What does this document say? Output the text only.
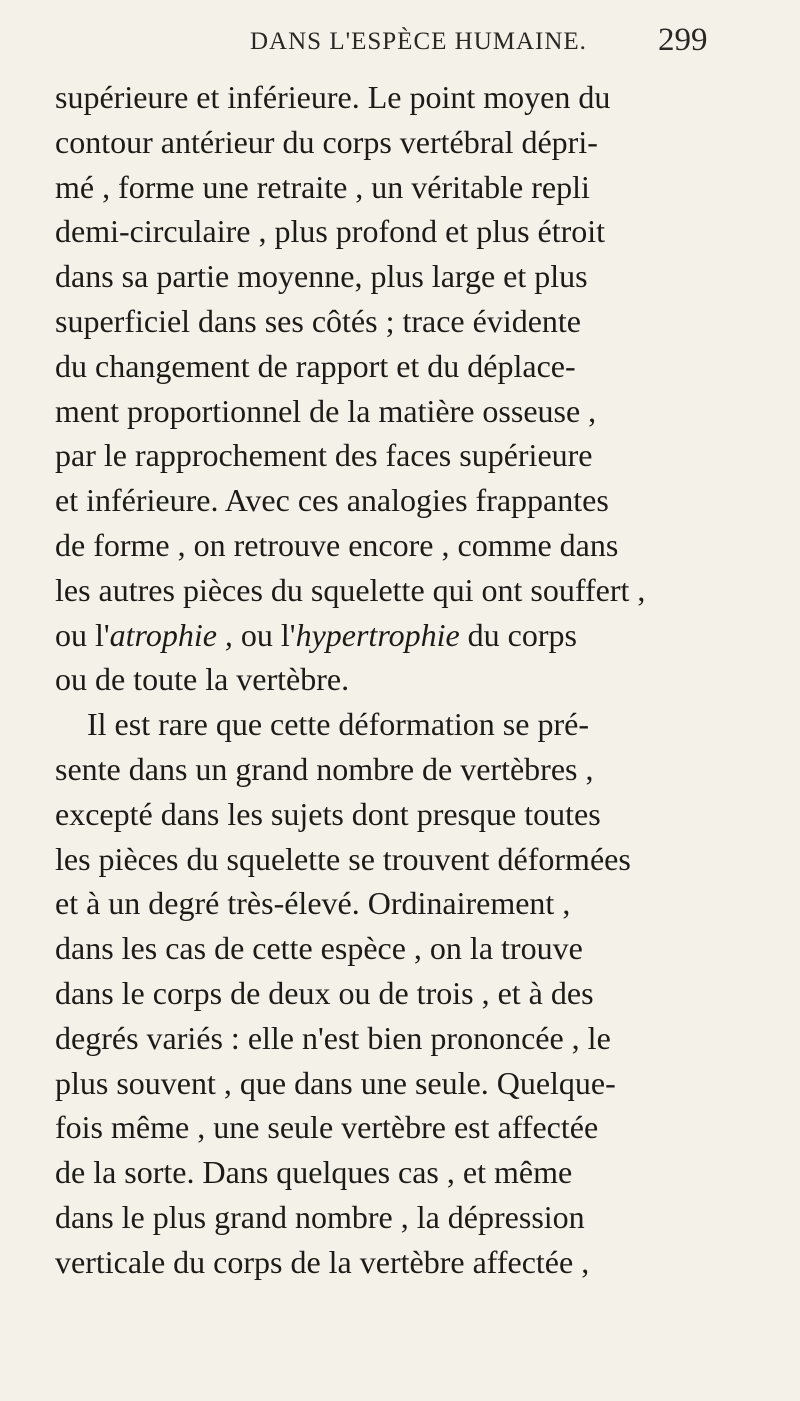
DANS L'ESPÈCE HUMAINE. 299
supérieure et inférieure. Le point moyen du
contour antérieur du corps vertébral dépri-
mé , forme une retraite , un véritable repli
demi-circulaire , plus profond et plus étroit
dans sa partie moyenne, plus large et plus
superficiel dans ses côtés ; trace évidente
du changement de rapport et du déplace-
ment proportionnel de la matière osseuse ,
par le rapprochement des faces supérieure
et inférieure. Avec ces analogies frappantes
de forme , on retrouve encore , comme dans
les autres pièces du squelette qui ont souffert ,
ou l'atrophie , ou l'hypertrophie du corps
ou de toute la vertèbre.
Il est rare que cette déformation se pré-
sente dans un grand nombre de vertèbres ,
excepté dans les sujets dont presque toutes
les pièces du squelette se trouvent déformées
et à un degré très-élevé. Ordinairement ,
dans les cas de cette espèce , on la trouve
dans le corps de deux ou de trois , et à des
degrés variés : elle n'est bien prononcée , le
plus souvent , que dans une seule. Quelque-
fois même , une seule vertèbre est affectée
de la sorte. Dans quelques cas , et même
dans le plus grand nombre , la dépression
verticale du corps de la vertèbre affectée ,
